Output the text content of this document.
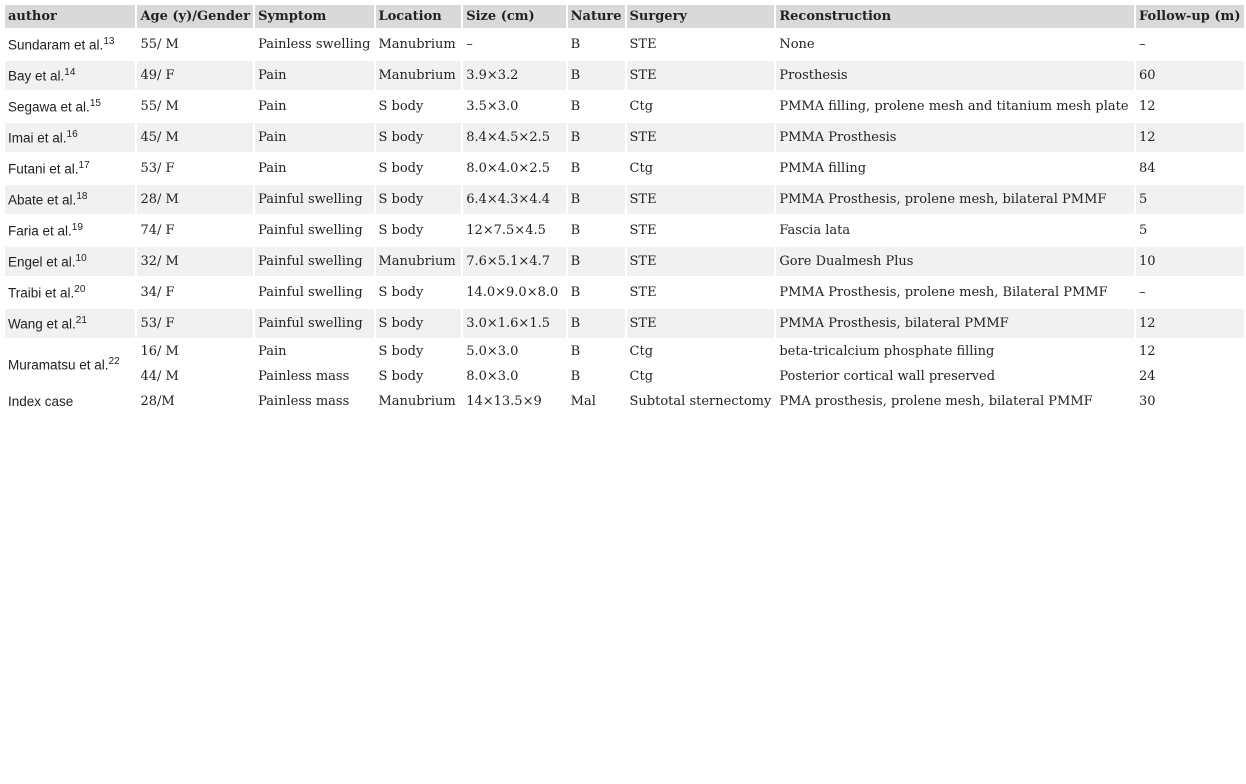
author	Age (y)/Gender	Symptom	Location	Size (cm)	Nature	Surgery	Reconstruction	Follow-up (m)
Sundaram et al.$^{13}$	55/ M	Painless swelling	Manubrium	–	B	STE	None	–
Bay et al.$^{14}$	49/ F	Pain	Manubrium	3.9×3.2	B	STE	Prosthesis	60
Segawa et al.$^{15}$	55/ M	Pain	S body	3.5×3.0	B	Ctg	PMMA filling, prolene mesh and titanium mesh plate	12
Imai et al.$^{16}$	45/ M	Pain	S body	8.4×4.5×2.5	B	STE	PMMA Prosthesis	12
Futani et al.$^{17}$	53/ F	Pain	S body	8.0×4.0×2.5	B	Ctg	PMMA filling	84
Abate et al.$^{18}$	28/ M	Painful swelling	S body	6.4×4.3×4.4	B	STE	PMMA Prosthesis, prolene mesh, bilateral PMMF	5
Faria et al.$^{19}$	74/ F	Painful swelling	S body	12×7.5×4.5	B	STE	Fascia lata	5
Engel et al.$^{10}$	32/ M	Painful swelling	Manubrium	7.6×5.1×4.7	B	STE	Gore Dualmesh Plus	10
Traibi et al.$^{20}$	34/ F	Painful swelling	S body	14.0×9.0×8.0	B	STE	PMMA Prosthesis, prolene mesh, Bilateral PMMF	–
Wang et al.$^{21}$	53/ F	Painful swelling	S body	3.0×1.6×1.5	B	STE	PMMA Prosthesis, bilateral PMMF	12
Muramatsu et al.$^{22}$	16/ M	Pain	S body	5.0×3.0	B	Ctg	beta-tricalcium phosphate filling	12
	44/ M	Painless mass	S body	8.0×3.0	B	Ctg	Posterior cortical wall preserved	24
Index case	28/M	Painless mass	Manubrium	14×13.5×9	Mal	Subtotal sternectomy	PMA prosthesis, prolene mesh, bilateral PMMF	30
